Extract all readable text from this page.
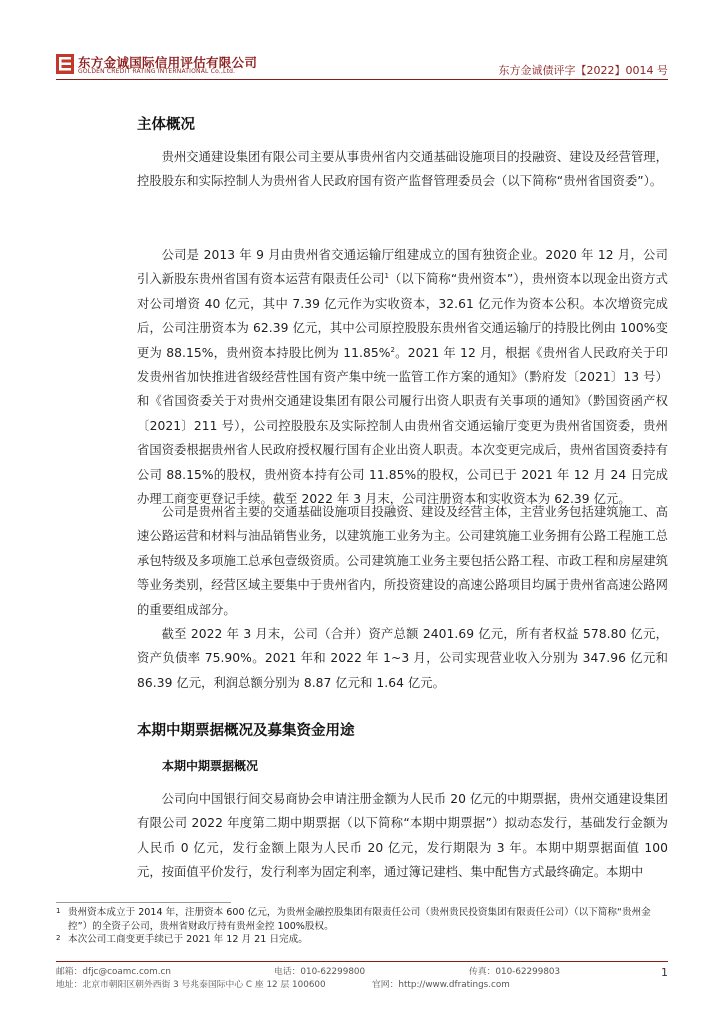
东方金诚国际信用评估有限公司
GOLDEN CREDIT RATING INTERNATIONAL Co.,Ltd.	东方金诚债评字【2022】0014 号
主体概况

贵州交通建设集团有限公司主要从事贵州省内交通基础设施项目的投融资、建设及经营管理，控股股东和实际控制人为贵州省人民政府国有资产监督管理委员会（以下简称“贵州省国资委”）。

公司是 2013 年 9 月由贵州省交通运输厅组建成立的国有独资企业。2020 年 12 月，公司引入新股东贵州省国有资本运营有限责任公司$^1$（以下简称“贵州资本”），贵州资本以现金出资方式对公司增资 40 亿元，其中 7.39 亿元作为实收资本，32.61 亿元作为资本公积。本次增资完成后，公司注册资本为 62.39 亿元，其中公司原控股股东贵州省交通运输厅的持股比例由 100%变更为 88.15%，贵州资本持股比例为 11.85%$^2$。2021 年 12 月，根据《贵州省人民政府关于印发贵州省加快推进省级经营性国有资产集中统一监管工作方案的通知》（黔府发〔2021〕13 号）和《省国资委关于对贵州交通建设集团有限公司履行出资人职责有关事项的通知》（黔国资函产权〔2021〕211 号），公司控股股东及实际控制人由贵州省交通运输厅变更为贵州省国资委，贵州省国资委根据贵州省人民政府授权履行国有企业出资人职责。本次变更完成后，贵州省国资委持有公司 88.15%的股权，贵州资本持有公司 11.85%的股权，公司已于 2021 年 12 月 24 日完成办理工商变更登记手续。截至 2022 年 3 月末，公司注册资本和实收资本为 62.39 亿元。

公司是贵州省主要的交通基础设施项目投融资、建设及经营主体，主营业务包括建筑施工、高速公路运营和材料与油品销售业务，以建筑施工业务为主。公司建筑施工业务拥有公路工程施工总承包特级及多项施工总承包壹级资质。公司建筑施工业务主要包括公路工程、市政工程和房屋建筑等业务类别，经营区域主要集中于贵州省内，所投资建设的高速公路项目均属于贵州省高速公路网的重要组成部分。

截至 2022 年 3 月末，公司（合并）资产总额 2401.69 亿元，所有者权益 578.80 亿元，资产负债率 75.90%。2021 年和 2022 年 1~3 月，公司实现营业收入分别为 347.96 亿元和 86.39 亿元，利润总额分别为 8.87 亿元和 1.64 亿元。

本期中期票据概况及募集资金用途
本期中期票据概况

公司向中国银行间交易商协会申请注册金额为人民币 20 亿元的中期票据，贵州交通建设集团有限公司 2022 年度第二期中期票据（以下简称“本期中期票据”）拟动态发行，基础发行金额为人民币 0 亿元，发行金额上限为人民币 20 亿元，发行期限为 3 年。本期中期票据面值 100 元，按面值平价发行，发行利率为固定利率，通过簿记建档、集中配售方式最终确定。本期中

1 贵州资本成立于 2014 年，注册资本 600 亿元，为贵州金融控股集团有限责任公司（贵州贵民投资集团有限责任公司）（以下简称“贵州金控”）的全资子公司，贵州省财政厅持有贵州金控 100%股权。
2 本次公司工商变更手续已于 2021 年 12 月 21 日完成。
邮箱：dfjc@coamc.com.cn	电话：010-62299800	传真：010-62299803
地址：北京市朝阳区朝外西街 3 号兆泰国际中心 C 座 12 层 100600	官网：http://www.dfratings.com
1
